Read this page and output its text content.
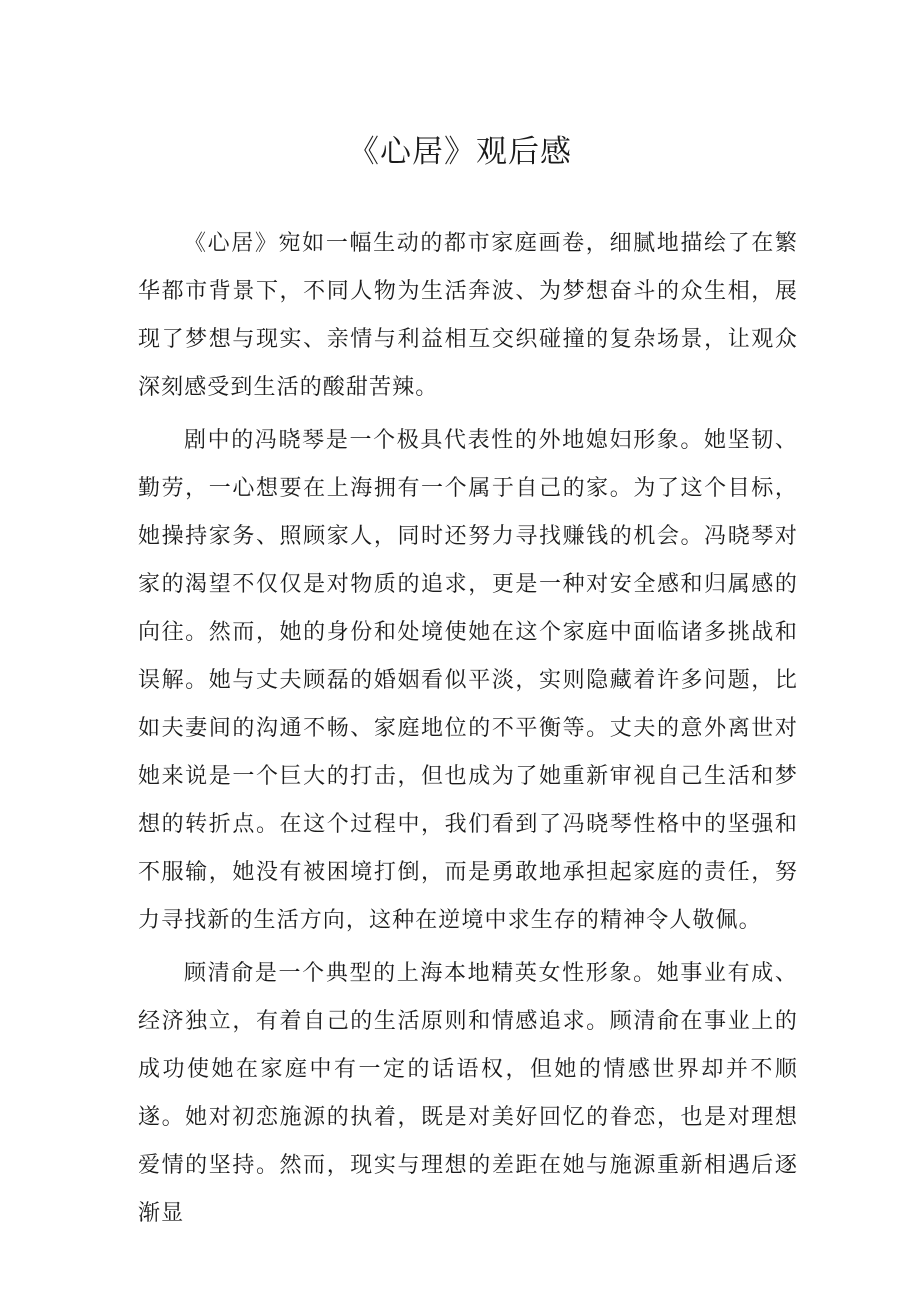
《心居》观后感

《心居》宛如一幅生动的都市家庭画卷，细腻地描绘了在繁华都市背景下，不同人物为生活奔波、为梦想奋斗的众生相，展现了梦想与现实、亲情与利益相互交织碰撞的复杂场景，让观众深刻感受到生活的酸甜苦辣。

剧中的冯晓琴是一个极具代表性的外地媳妇形象。她坚韧、勤劳，一心想要在上海拥有一个属于自己的家。为了这个目标，她操持家务、照顾家人，同时还努力寻找赚钱的机会。冯晓琴对家的渴望不仅仅是对物质的追求，更是一种对安全感和归属感的向往。然而，她的身份和处境使她在这个家庭中面临诸多挑战和误解。她与丈夫顾磊的婚姻看似平淡，实则隐藏着许多问题，比如夫妻间的沟通不畅、家庭地位的不平衡等。丈夫的意外离世对她来说是一个巨大的打击，但也成为了她重新审视自己生活和梦想的转折点。在这个过程中，我们看到了冯晓琴性格中的坚强和不服输，她没有被困境打倒，而是勇敢地承担起家庭的责任，努力寻找新的生活方向，这种在逆境中求生存的精神令人敬佩。

顾清俞是一个典型的上海本地精英女性形象。她事业有成、经济独立，有着自己的生活原则和情感追求。顾清俞在事业上的成功使她在家庭中有一定的话语权，但她的情感世界却并不顺遂。她对初恋施源的执着，既是对美好回忆的眷恋，也是对理想爱情的坚持。然而，现实与理想的差距在她与施源重新相遇后逐渐显
